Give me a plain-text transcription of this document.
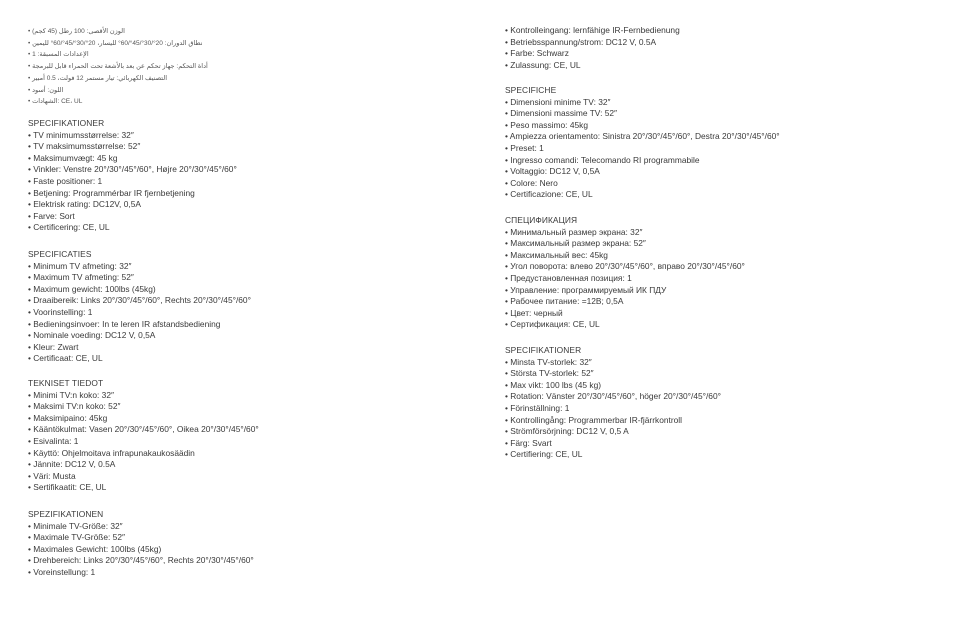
• الوزن الأقصى: 100 رطل (45 كجم)
• نطاق الدوران: 20°/30°/45°/60° لليسار، 20°/30°/45°/60° لليمين
• الإعدادات المسبقة: 1
• أداة التحكم: جهاز تحكم عن بعد بالأشعة تحت الحمراء قابل للبرمجة
• التصنيف الكهربائي: تيار مستمر 12 فولت، 0.5 أمبير
• اللون: أسود
• الشهادات: CE، UL
SPECIFIKATIONER
• TV minimumsstørrelse: 32″
• TV maksimumsstørrelse: 52″
• Maksimumvægt: 45 kg
• Vinkler: Venstre 20°/30°/45°/60°, Højre 20°/30°/45°/60°
• Faste positioner: 1
• Betjening: Programmérbar IR fjernbetjening
• Elektrisk rating: DC12V, 0,5A
• Farve: Sort
• Certificering: CE, UL
SPECIFICATIES
• Minimum TV afmeting: 32″
• Maximum TV afmeting: 52″
• Maximum gewicht: 100lbs (45kg)
• Draaibereik: Links 20°/30°/45°/60°, Rechts 20°/30°/45°/60°
• Voorinstelling: 1
• Bedieningsinvoer: In te leren IR afstandsbediening
• Nominale voeding: DC12 V, 0,5A
• Kleur: Zwart
• Certificaat: CE, UL
TEKNISET TIEDOT
• Minimi TV:n koko: 32″
• Maksimi TV:n koko: 52″
• Maksimipaino: 45kg
• Kääntökulmat: Vasen 20°/30°/45°/60°, Oikea 20°/30°/45°/60°
• Esivalinta: 1
• Käyttö: Ohjelmoitava infrapunakaukosäädin
• Jännite: DC12 V, 0.5A
• Väri: Musta
• Sertifikaatit: CE, UL
SPEZIFIKATIONEN
• Minimale TV-Größe: 32″
• Maximale TV-Größe: 52″
• Maximales Gewicht: 100lbs (45kg)
• Drehbereich: Links 20°/30°/45°/60°, Rechts 20°/30°/45°/60°
• Voreinstellung: 1
• Kontrolleingang: lernfähige IR-Fernbedienung
• Betriebsspannung/strom: DC12 V, 0.5A
• Farbe: Schwarz
• Zulassung: CE, UL
SPECIFICHE
• Dimensioni minime TV: 32″
• Dimensioni massime TV: 52″
• Peso massimo: 45kg
• Ampiezza orientamento: Sinistra 20°/30°/45°/60°, Destra 20°/30°/45°/60°
• Preset: 1
• Ingresso comandi: Telecomando RI programmabile
• Voltaggio: DC12 V, 0,5A
• Colore: Nero
• Certificazione: CE, UL
СПЕЦИФИКАЦИЯ
• Минимальный размер экрана: 32″
• Максимальный размер экрана: 52″
• Максимальный вес: 45kg
• Угол поворота: влево 20°/30°/45°/60°, вправо 20°/30°/45°/60°
• Предустановленная позиция: 1
• Управление: программируемый ИК ПДУ
• Рабочее питание: =12В; 0,5А
• Цвет: черный
• Сертификация: CE, UL
SPECIFIKATIONER
• Minsta TV-storlek: 32″
• Största TV-storlek: 52″
• Max vikt: 100 lbs (45 kg)
• Rotation: Vänster 20°/30°/45°/60°, höger 20°/30°/45°/60°
• Förinställning: 1
• Kontrollingång: Programmerbar IR-fjärrkontroll
• Strömförsörjning: DC12 V, 0,5 A
• Färg: Svart
• Certifiering: CE, UL
